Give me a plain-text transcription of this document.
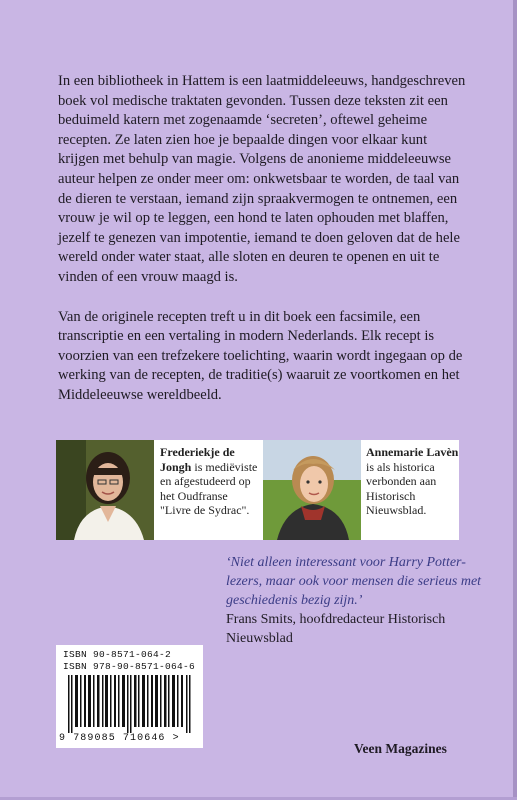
In een bibliotheek in Hattem is een laatmiddeleeuws, handgeschreven boek vol medische traktaten gevonden. Tussen deze teksten zit een beduimeld katern met zogenaamde ‘secreten’, oftewel geheime recepten. Ze laten zien hoe je bepaalde dingen voor elkaar kunt krijgen met behulp van magie. Volgens de anonieme middeleeuwse auteur helpen ze onder meer om: onkwetsbaar te worden, de taal van de dieren te verstaan, iemand zijn spraakvermogen te ontnemen, een vrouw je wil op te leggen, een hond te laten ophouden met blaffen, jezelf te genezen van impotentie, iemand te doen geloven dat de hele wereld onder water staat, alle sloten en deuren te openen en uit te vinden of een vrouw maagd is.

Van de originele recepten treft u in dit boek een facsimile, een transcriptie en een vertaling in modern Nederlands. Elk recept is voorzien van een trefzekere toelichting, waarin wordt ingegaan op de werking van de recepten, de traditie(s) waaruit ze voortkomen en het Middeleeuwse wereldbeeld.

Frederiekje de Jongh is mediëviste en afgestudeerd op het Oudfranse "Livre de Sydrac".
Annemarie Lavèn is als historica verbonden aan Historisch Nieuwsblad.
‘Niet alleen interessant voor Harry Potter-lezers, maar ook voor mensen die serieus met geschiedenis bezig zijn.’
Frans Smits, hoofdredacteur Historisch Nieuwsblad
ISBN 90-8571-064-2
ISBN 978-90-8571-064-6
9 789085 710646 >
Veen Magazines
